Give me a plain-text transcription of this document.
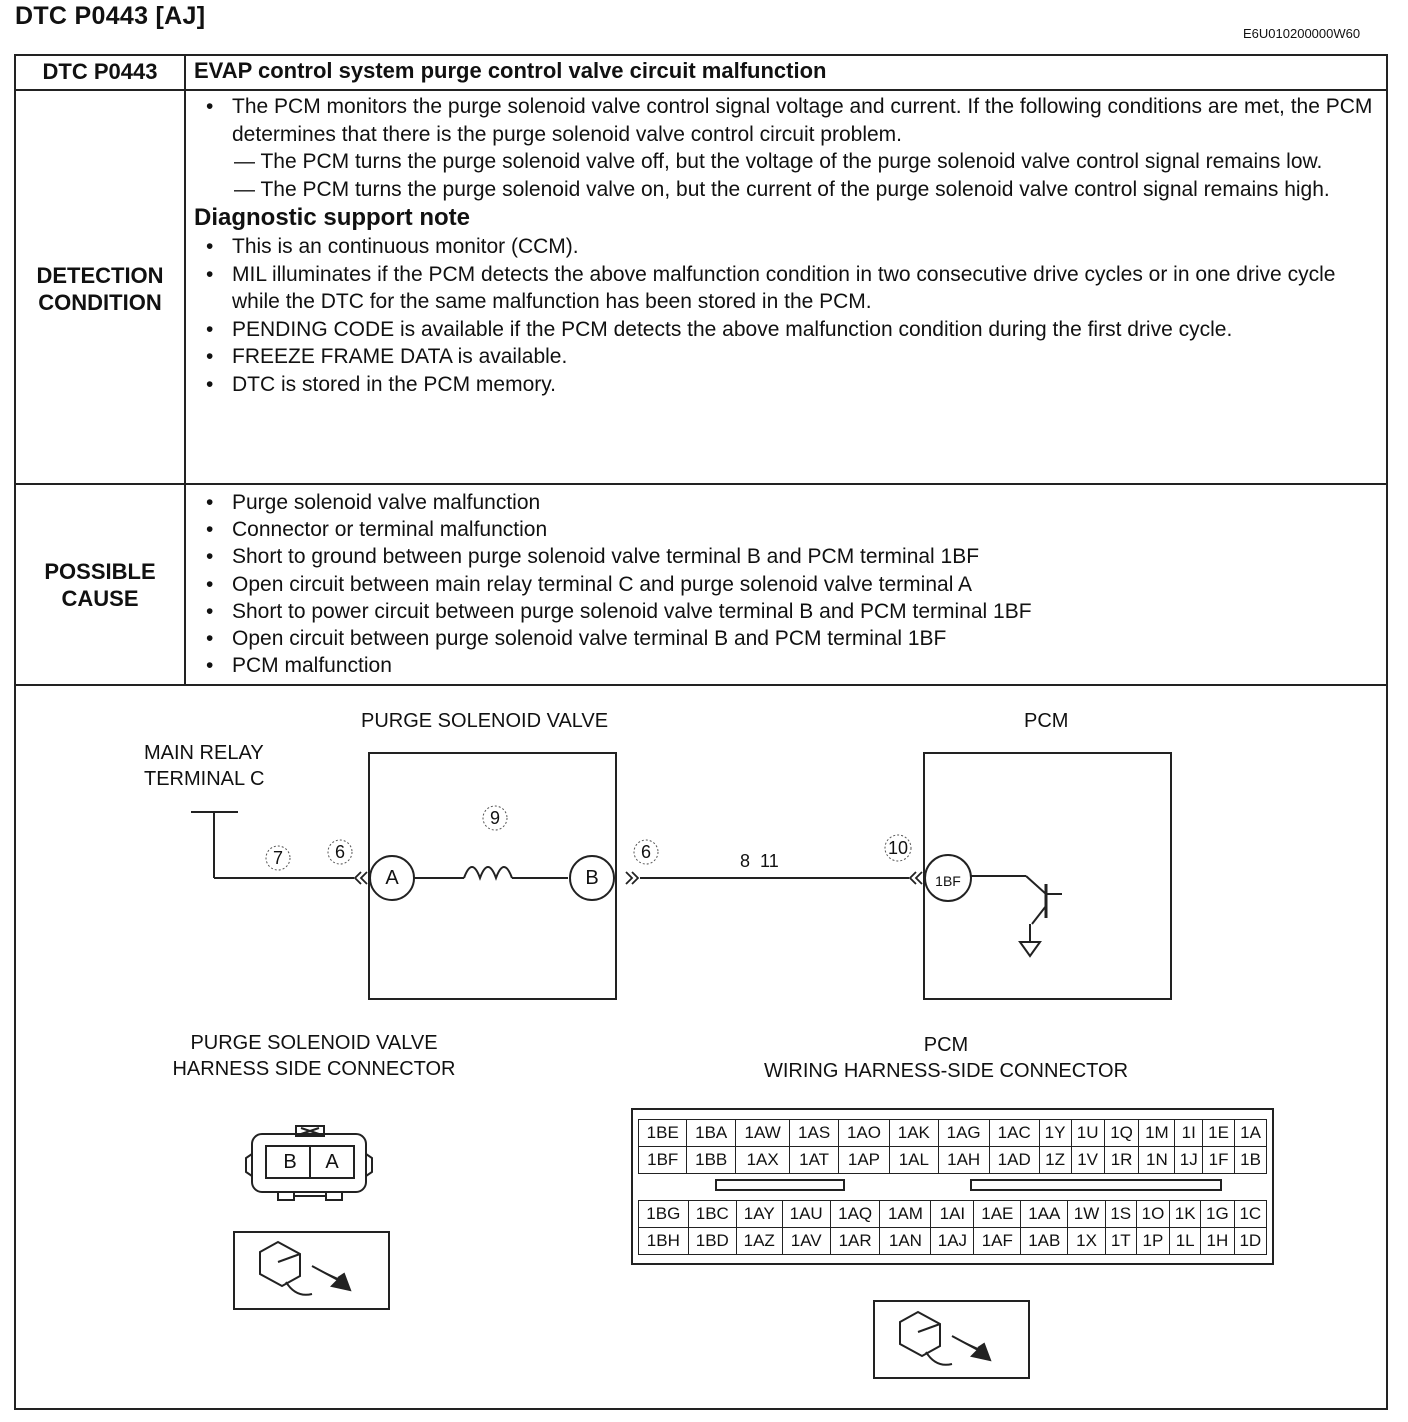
DTC P0443 [AJ]
E6U010200000W60
DTC P0443	EVAP control system purge control valve circuit malfunction
DETECTION
CONDITION
• The PCM monitors the purge solenoid valve control signal voltage and current. If the following conditions are met, the PCM determines that there is the purge solenoid valve control circuit problem.
— The PCM turns the purge solenoid valve off, but the voltage of the purge solenoid valve control signal remains low.
— The PCM turns the purge solenoid valve on, but the current of the purge solenoid valve control signal remains high.
Diagnostic support note
• This is an continuous monitor (CCM).
• MIL illuminates if the PCM detects the above malfunction condition in two consecutive drive cycles or in one drive cycle while the DTC for the same malfunction has been stored in the PCM.
• PENDING CODE is available if the PCM detects the above malfunction condition during the first drive cycle.
• FREEZE FRAME DATA is available.
• DTC is stored in the PCM memory.
POSSIBLE
CAUSE
• Purge solenoid valve malfunction
• Connector or terminal malfunction
• Short to ground between purge solenoid valve terminal B and PCM terminal 1BF
• Open circuit between main relay terminal C and purge solenoid valve terminal A
• Short to power circuit between purge solenoid valve terminal B and PCM terminal 1BF
• Open circuit between purge solenoid valve terminal B and PCM terminal 1BF
• PCM malfunction
PURGE SOLENOID VALVE	PCM
MAIN RELAY
TERMINAL C
A	B	1BF
7	6
9
6	8  11
10
PURGE SOLENOID VALVE
HARNESS SIDE CONNECTOR
B	A
PCM
WIRING HARNESS-SIDE CONNECTOR
1BE	1BA	1AW	1AS	1AO	1AK	1AG	1AC	1Y	1U	1Q	1M	1I	1E	1A
1BF	1BB	1AX	1AT	1AP	1AL	1AH	1AD	1Z	1V	1R	1N	1J	1F	1B
1BG	1BC	1AY	1AU	1AQ	1AM	1AI	1AE	1AA	1W	1S	1O	1K	1G	1C
1BH	1BD	1AZ	1AV	1AR	1AN	1AJ	1AF	1AB	1X	1T	1P	1L	1H	1D
